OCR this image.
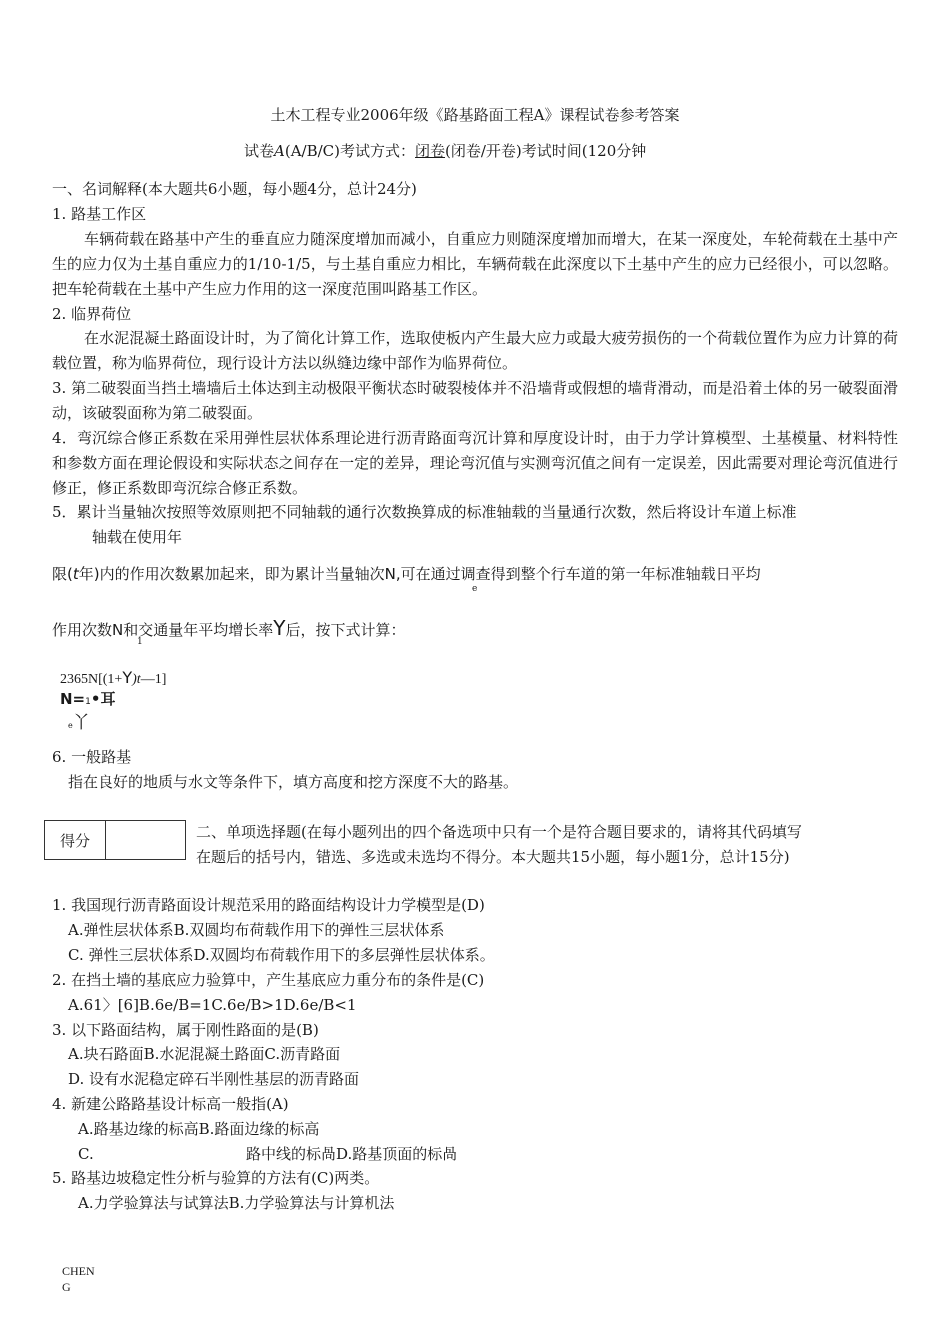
土木工程专业2006年级《路基路面工程A》课程试卷参考答案
试卷A(A/B/C)考试方式：闭卷(闭卷/开卷)考试时间(120分钟
一、名词解释(本大题共6小题，每小题4分，总计24分)
1. 路基工作区
车辆荷载在路基中产生的垂直应力随深度增加而减小，自重应力则随深度增加而增大，在某一深度处，车轮荷载在土基中产生的应力仅为土基自重应力的1/10-1/5，与土基自重应力相比，车辆荷载在此深度以下土基中产生的应力已经很小，可以忽略。把车轮荷载在土基中产生应力作用的这一深度范围叫路基工作区。
2. 临界荷位
在水泥混凝土路面设计时，为了简化计算工作，选取使板内产生最大应力或最大疲劳损伤的一个荷载位置作为应力计算的荷载位置，称为临界荷位，现行设计方法以纵缝边缘中部作为临界荷位。
3. 第二破裂面当挡土墙墙后土体达到主动极限平衡状态时破裂棱体并不沿墙背或假想的墙背滑动，而是沿着土体的另一破裂面滑动，该破裂面称为第二破裂面。
4．弯沉综合修正系数在采用弹性层状体系理论进行沥青路面弯沉计算和厚度设计时，由于力学计算模型、土基模量、材料特性和参数方面在理论假设和实际状态之间存在一定的差异，理论弯沉值与实测弯沉值之间有一定误差，因此需要对理论弯沉值进行修正，修正系数即弯沉综合修正系数。
5．累计当量轴次按照等效原则把不同轴载的通行次数换算成的标准轴载的当量通行次数，然后将设计车道上标准
轴载在使用年
限(t年)内的作用次数累加起来，即为累计当量轴次N,可在通过调查得到整个行车道的第一年标准轴载日平均
e
作用次数N和交通量年平均增长率Y后，按下式计算：
1
2365N[(1+Y)t—1]
N=1•耳
e丫
6. 一般路基
指在良好的地质与水文等条件下，填方高度和挖方深度不大的路基。
得分	二、单项选择题(在每小题列出的四个备选项中只有一个是符合题目要求的，请将其代码填写
在题后的括号内，错选、多选或未选均不得分。本大题共15小题，每小题1分，总计15分)
1. 我国现行沥青路面设计规范采用的路面结构设计力学模型是(D)
A.弹性层状体系B.双圆均布荷载作用下的弹性三层状体系
C. 弹性三层状体系D.双圆均布荷载作用下的多层弹性层状体系。
2. 在挡土墙的基底应力验算中，产生基底应力重分布的条件是(C)
A.61〉[6]B.6e/B=1C.6e/B>1D.6e/B<1
3. 以下路面结构，属于刚性路面的是(B)
A.块石路面B.水泥混凝土路面C.沥青路面
D. 设有水泥稳定碎石半刚性基层的沥青路面
4. 新建公路路基设计标高一般指(A)
A.路基边缘的标高B.路面边缘的标高
C.	路中线的标咼D.路基顶面的标咼
5. 路基边坡稳定性分析与验算的方法有(C)两类。
A.力学验算法与试算法B.力学验算法与计算机法
CHEN
G
